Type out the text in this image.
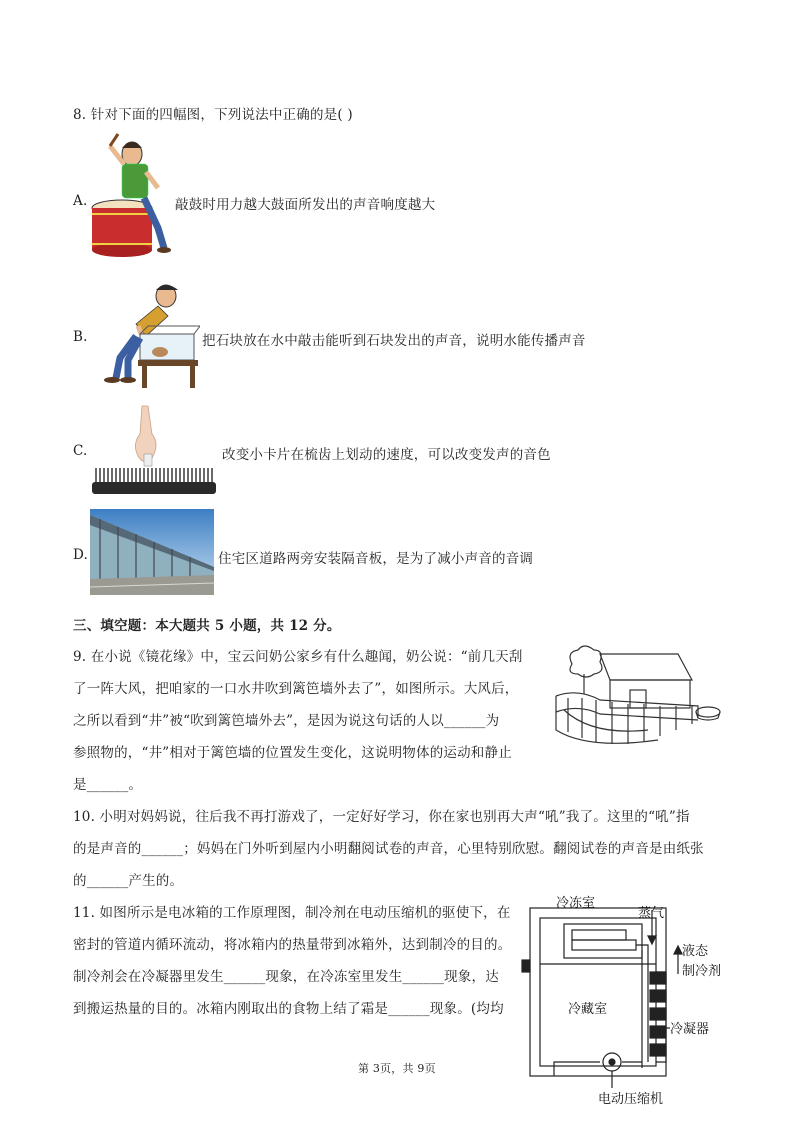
8. 针对下面的四幅图，下列说法中正确的是( )
A.	敲鼓时用力越大鼓面所发出的声音响度越大
B.	把石块放在水中敲击能听到石块发出的声音，说明水能传播声音
C.	改变小卡片在梳齿上划动的速度，可以改变发声的音色
D.	住宅区道路两旁安装隔音板，是为了减小声音的音调
三、填空题：本大题共 5 小题，共 12 分。
9. 在小说《镜花缘》中，宝云问奶公家乡有什么趣闻，奶公说：“前几天刮
了一阵大风，把咱家的一口水井吹到篱笆墙外去了”，如图所示。大风后，
之所以看到“井”被“吹到篱笆墙外去”，是因为说这句话的人以______为
参照物的，“井”相对于篱笆墙的位置发生变化，这说明物体的运动和静止
是______。
10. 小明对妈妈说，往后我不再打游戏了，一定好好学习，你在家也别再大声“吼”我了。这里的“吼”指
的是声音的______；妈妈在门外听到屋内小明翻阅试卷的声音，心里特别欣慰。翻阅试卷的声音是由纸张
的______产生的。
11. 如图所示是电冰箱的工作原理图，制冷剂在电动压缩机的驱使下，在
密封的管道内循环流动，将冰箱内的热量带到冰箱外，达到制冷的目的。
制冷剂会在冷凝器里发生______现象，在冷冻室里发生______现象，达
到搬运热量的目的。冰箱内刚取出的食物上结了霜是______现象。(均均
冷冻室
蒸气
液态
制冷剂
冷藏室
冷凝器
电动压缩机
第 3页，共 9页
